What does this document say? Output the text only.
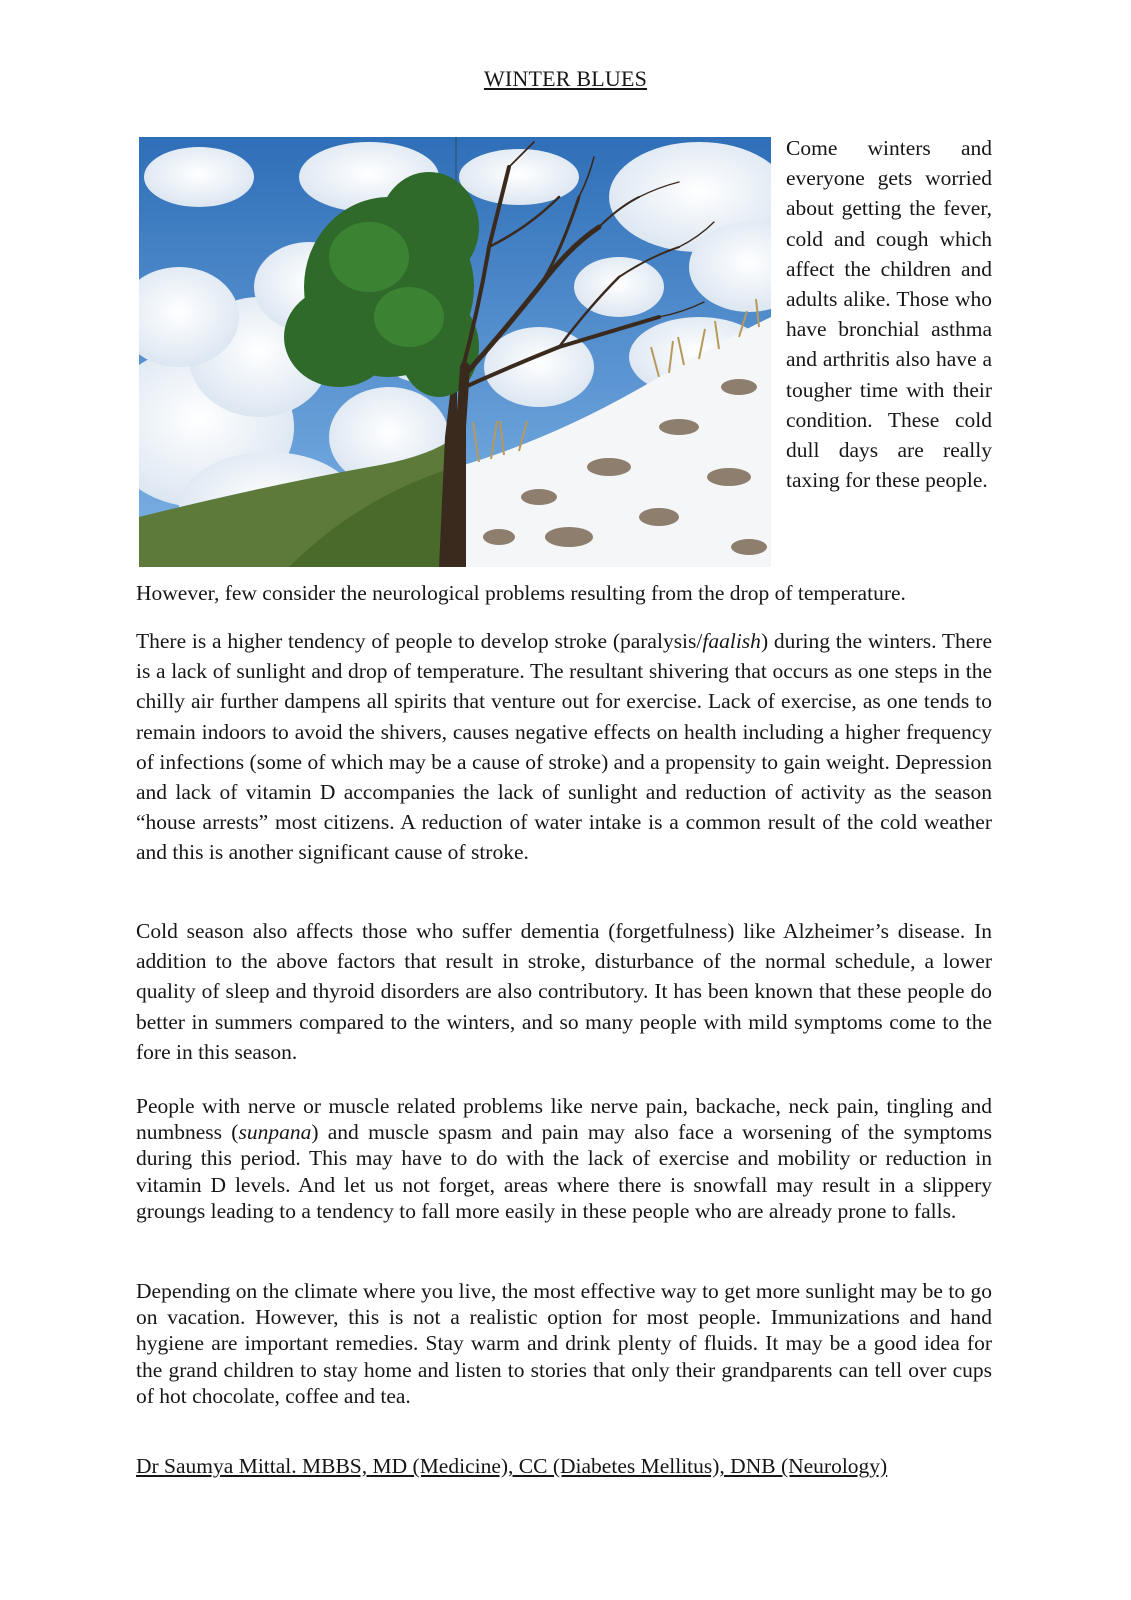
WINTER BLUES

Come winters and everyone gets worried about getting the fever, cold and cough which affect the children and adults alike. Those who have bronchial asthma and arthritis also have a tougher time with their condition. These cold dull days are really taxing for these people.

However, few consider the neurological problems resulting from the drop of temperature.

There is a higher tendency of people to develop stroke (paralysis/faalish) during the winters. There is a lack of sunlight and drop of temperature. The resultant shivering that occurs as one steps in the chilly air further dampens all spirits that venture out for exercise. Lack of exercise, as one tends to remain indoors to avoid the shivers, causes negative effects on health including a higher frequency of infections (some of which may be a cause of stroke) and a propensity to gain weight. Depression and lack of vitamin D accompanies the lack of sunlight and reduction of activity as the season “house arrests” most citizens. A reduction of water intake is a common result of the cold weather and this is another significant cause of stroke.

Cold season also affects those who suffer dementia (forgetfulness) like Alzheimer’s disease. In addition to the above factors that result in stroke, disturbance of the normal schedule, a lower quality of sleep and thyroid disorders are also contributory. It has been known that these people do better in summers compared to the winters, and so many people with mild symptoms come to the fore in this season.

People with nerve or muscle related problems like nerve pain, backache, neck pain, tingling and numbness (sunpana) and muscle spasm and pain may also face a worsening of the symptoms during this period. This may have to do with the lack of exercise and mobility or reduction in vitamin D levels. And let us not forget, areas where there is snowfall may result in a slippery groungs leading to a tendency to fall more easily in these people who are already prone to falls.

Depending on the climate where you live, the most effective way to get more sunlight may be to go on vacation. However, this is not a realistic option for most people. Immunizations and hand hygiene are important remedies. Stay warm and drink plenty of fluids. It may be a good idea for the grand children to stay home and listen to stories that only their grandparents can tell over cups of hot chocolate, coffee and tea.

Dr Saumya Mittal. MBBS, MD (Medicine), CC (Diabetes Mellitus), DNB (Neurology)
